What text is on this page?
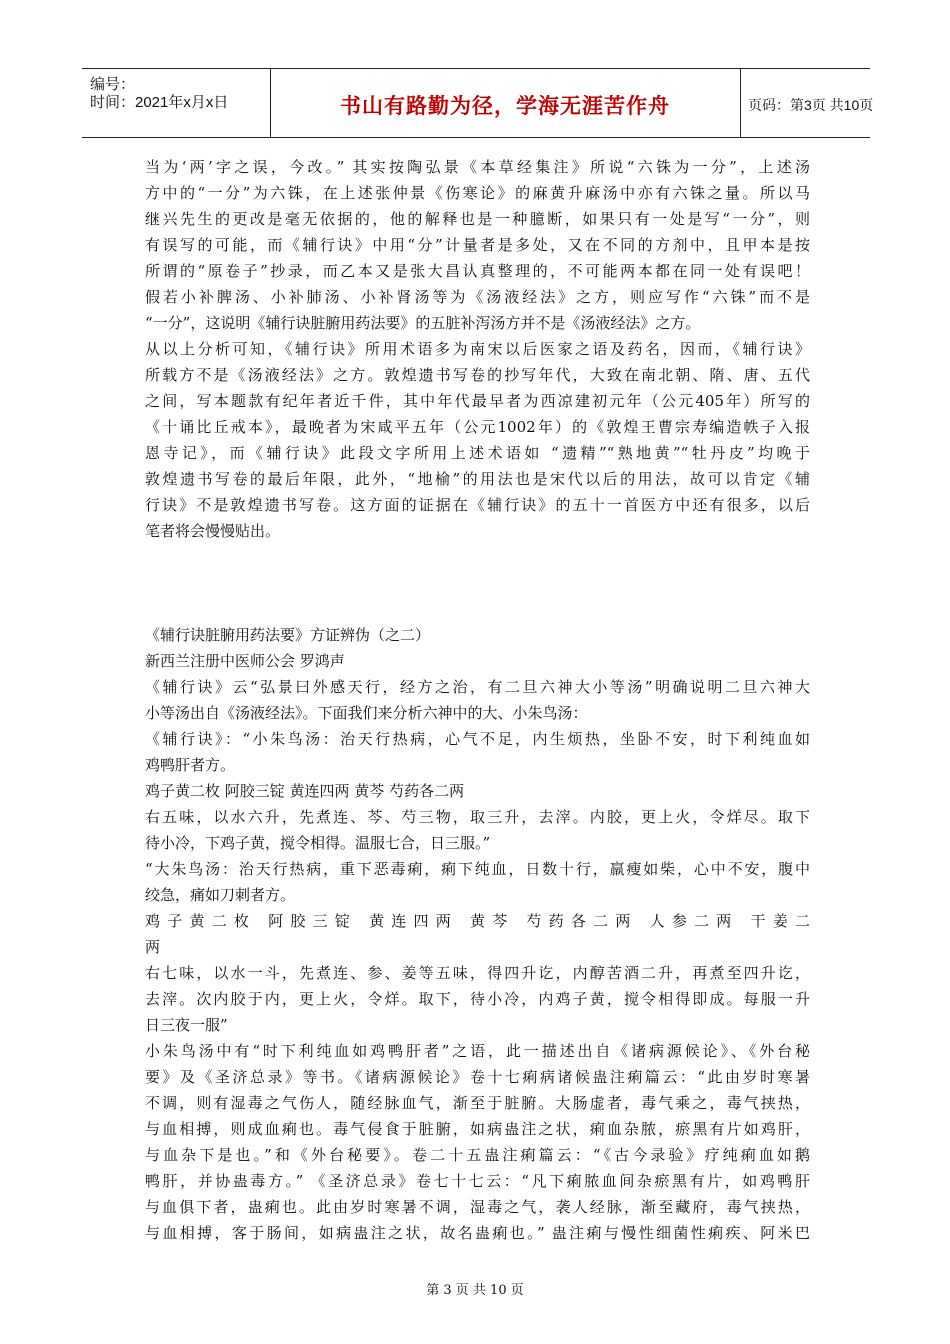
编号：
时间：2021年x月x日	书山有路勤为径，学海无涯苦作舟	页码：第3页 共10页
当为‘两’字之误，今改。” 其实按陶弘景《本草经集注》所说“六铢为一分”，上述汤
方中的“一分”为六铢，在上述张仲景《伤寒论》的麻黄升麻汤中亦有六铢之量。所以马
继兴先生的更改是毫无依据的，他的解释也是一种臆断，如果只有一处是写“一分”，则
有误写的可能，而《辅行诀》中用“分”计量者是多处，又在不同的方剂中，且甲本是按
所谓的“原卷子”抄录，而乙本又是张大昌认真整理的，不可能两本都在同一处有误吧！
假若小补脾汤、小补肺汤、小补肾汤等为《汤液经法》之方，则应写作“六铢”而不是
“一分”，这说明《辅行诀脏腑用药法要》的五脏补泻汤方并不是《汤液经法》之方。
从以上分析可知，《辅行诀》所用术语多为南宋以后医家之语及药名，因而，《辅行诀》
所载方不是《汤液经法》之方。敦煌遗书写卷的抄写年代，大致在南北朝、隋、唐、五代
之间，写本题款有纪年者近千件，其中年代最早者为西凉建初元年（公元405年）所写的
《十诵比丘戒本》，最晚者为宋咸平五年（公元1002年）的《敦煌王曹宗寿编造帙子入报
恩寺记》，而《辅行诀》此段文字所用上述术语如 “遗精”“熟地黄”“牡丹皮”均晚于
敦煌遗书写卷的最后年限，此外，“地榆”的用法也是宋代以后的用法，故可以肯定《辅
行诀》不是敦煌遗书写卷。这方面的证据在《辅行诀》的五十一首医方中还有很多，以后
笔者将会慢慢贴出。
《辅行诀脏腑用药法要》方证辨伪（之二）
新西兰注册中医师公会 罗鸿声
《辅行诀》云“弘景曰外感天行，经方之治，有二旦六神大小等汤”明确说明二旦六神大
小等汤出自《汤液经法》。下面我们来分析六神中的大、小朱鸟汤：
《辅行诀》：“小朱鸟汤：治天行热病，心气不足，内生烦热，坐卧不安，时下利纯血如
鸡鸭肝者方。
鸡子黄二枚 阿胶三锭 黄连四两 黄芩 芍药各二两
右五味，以水六升，先煮连、芩、芍三物，取三升，去滓。内胶，更上火，令烊尽。取下
待小冷，下鸡子黄，搅令相得。温服七合，日三服。”
“大朱鸟汤：治天行热病，重下恶毒痢，痢下纯血，日数十行，羸瘦如柴，心中不安，腹中
绞急，痛如刀刺者方。
鸡子黄二枚 阿胶三锭 黄连四两 黄芩 芍药各二两 人参二两 干姜二
两
右七味，以水一斗，先煮连、参、姜等五味，得四升讫，内醇苦酒二升，再煮至四升讫，
去滓。次内胶于内，更上火，令烊。取下，待小冷，内鸡子黄，搅令相得即成。每服一升
日三夜一服”
小朱鸟汤中有“时下利纯血如鸡鸭肝者”之语，此一描述出自《诸病源候论》、《外台秘
要》及《圣济总录》等书。《诸病源候论》卷十七痢病诸候蛊注痢篇云：“此由岁时寒暑
不调，则有湿毒之气伤人，随经脉血气，渐至于脏腑。大肠虚者，毒气乘之，毒气挟热，
与血相搏，则成血痢也。毒气侵食于脏腑，如病蛊注之状，痢血杂脓，瘀黑有片如鸡肝，
与血杂下是也。”和《外台秘要》。卷二十五蛊注痢篇云：“《古今录验》疗纯痢血如鹅
鸭肝，并协蛊毒方。” 《圣济总录》卷七十七云：“凡下痢脓血间杂瘀黑有片，如鸡鸭肝
与血俱下者，蛊痢也。此由岁时寒暑不调，湿毒之气，袭人经脉，渐至藏府，毒气挟热，
与血相搏，客于肠间，如病蛊注之状，故名蛊痢也。” 蛊注痢与慢性细菌性痢疾、阿米巴
第 3 页 共 10 页
